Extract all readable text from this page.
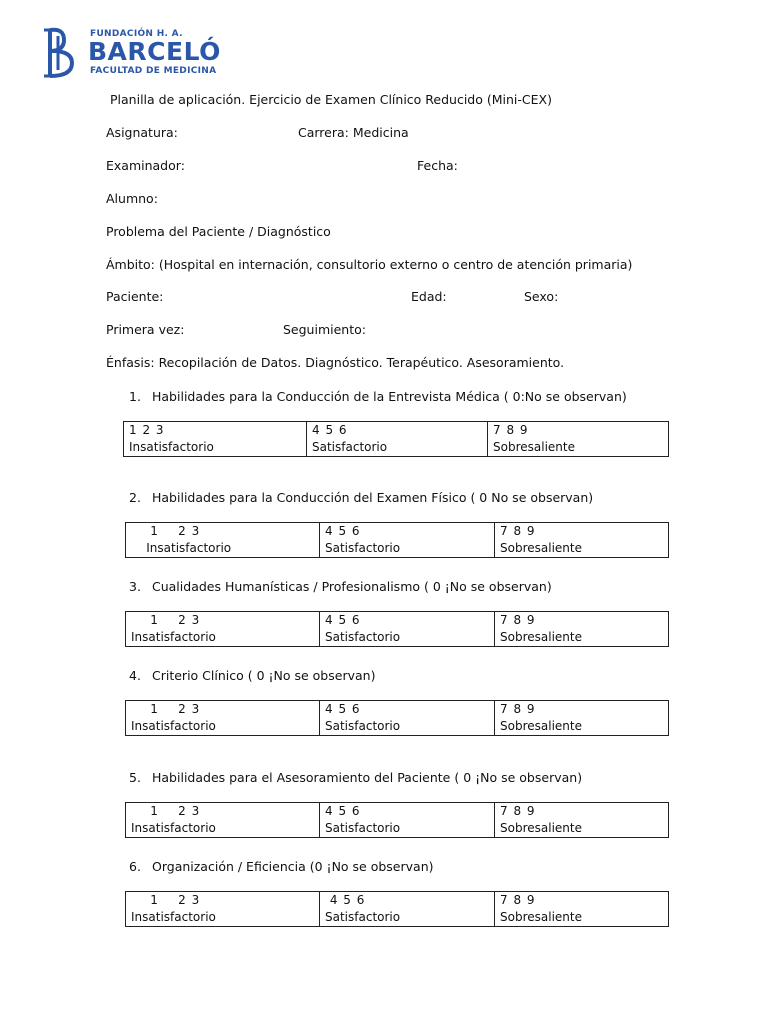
FUNDACIÓN H. A.
BARCELÓ
FACULTAD DE MEDICINA
Planilla de aplicación. Ejercicio de Examen Clínico Reducido (Mini-CEX)
Asignatura:	Carrera: Medicina
Examinador:	Fecha:
Alumno:
Problema del Paciente / Diagnóstico
Ámbito: (Hospital en internación, consultorio externo o centro de atención primaria)
Paciente:	Edad:	Sexo:
Primera vez:	Seguimiento:
Énfasis: Recopilación de Datos. Diagnóstico. Terapéutico. Asesoramiento.
1. Habilidades para la Conducción de la Entrevista Médica ( 0:No se observan)
1 2 3
Insatisfactorio

4 5 6
Satisfactorio

7 8 9
Sobresaliente
2. Habilidades para la Conducción del Examen Físico ( 0 No se observan)
1    2 3
Insatisfactorio

4 5 6
Satisfactorio

7 8 9
Sobresaliente
3. Cualidades Humanísticas / Profesionalismo ( 0 ¡No se observan)
1    2 3
Insatisfactorio

4 5 6
Satisfactorio

7 8 9
Sobresaliente
4. Criterio Clínico ( 0 ¡No se observan)
1    2 3
Insatisfactorio

4 5 6
Satisfactorio

7 8 9
Sobresaliente
5. Habilidades para el Asesoramiento del Paciente ( 0 ¡No se observan)
1    2 3
Insatisfactorio

4 5 6
Satisfactorio

7 8 9
Sobresaliente
6. Organización / Eficiencia (0 ¡No se observan)
1    2 3
Insatisfactorio

4 5 6
Satisfactorio

7 8 9
Sobresaliente
